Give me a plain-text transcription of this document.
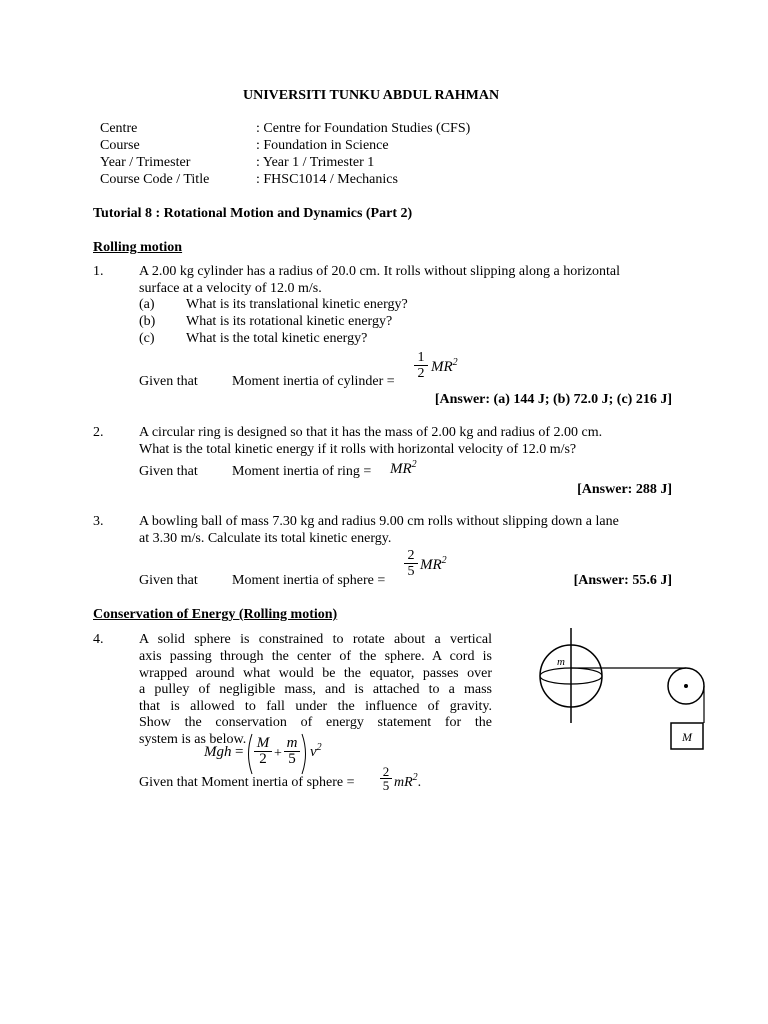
UNIVERSITI TUNKU ABDUL RAHMAN
Centre	: Centre for Foundation Studies (CFS)
Course	: Foundation in Science
Year / Trimester	: Year 1 / Trimester 1
Course Code / Title	: FHSC1014 / Mechanics
Tutorial 8 : Rotational Motion and Dynamics (Part 2)
Rolling motion
1.	A 2.00 kg cylinder has a radius of 20.0 cm. It rolls without slipping along a horizontal
surface at a velocity of 12.0 m/s.
(a) What is its translational kinetic energy?
(b) What is its rotational kinetic energy?
(c) What is the total kinetic energy?
Given that Moment inertia of cylinder =
$\frac{1}{2} MR^2$
[Answer: (a) 144 J; (b) 72.0 J; (c) 216 J]
2.	A circular ring is designed so that it has the mass of 2.00 kg and radius of 2.00 cm.
What is the total kinetic energy if it rolls with horizontal velocity of 12.0 m/s?
Given that Moment inertia of ring = $MR^2$
[Answer: 288 J]
3.	A bowling ball of mass 7.30 kg and radius 9.00 cm rolls without slipping down a lane
at 3.30 m/s. Calculate its total kinetic energy.
Given that Moment inertia of sphere =
$\frac{2}{5} MR^2$
[Answer: 55.6 J]
Conservation of Energy (Rolling motion)
4.	A solid sphere is constrained to rotate about a vertical
axis passing through the center of the sphere. A cord is
wrapped around what would be the equator, passes over
a pulley of negligible mass, and is attached to a mass
that is allowed to fall under the influence of gravity.
Show the conservation of energy statement for the
system is as below.
Mgh = $\frac{M}{2} + \frac{m}{5} v^2$
Given that Moment inertia of sphere = $\frac{2}{5} mR^2$.
m
M
